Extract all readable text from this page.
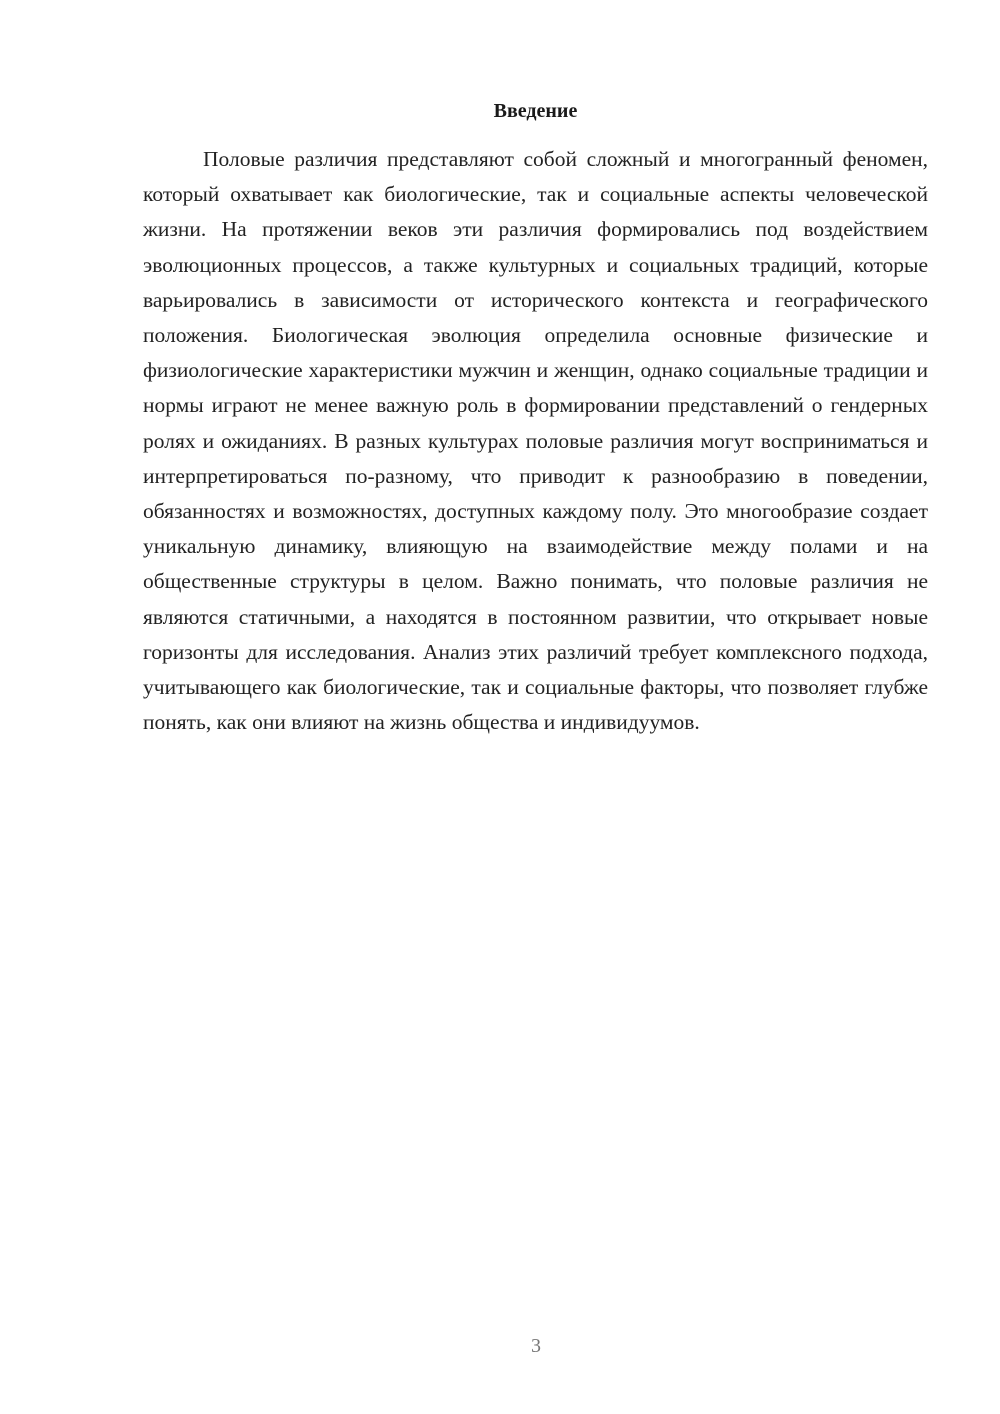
Введение

Половые различия представляют собой сложный и многогранный феномен, который охватывает как биологические, так и социальные аспекты человеческой жизни. На протяжении веков эти различия формировались под воздействием эволюционных процессов, а также культурных и социальных традиций, которые варьировались в зависимости от исторического контекста и географического положения. Биологическая эволюция определила основные физические и физиологические характеристики мужчин и женщин, однако социальные традиции и нормы играют не менее важную роль в формировании представлений о гендерных ролях и ожиданиях. В разных культурах половые различия могут восприниматься и интерпретироваться по-разному, что приводит к разнообразию в поведении, обязанностях и возможностях, доступных каждому полу. Это многообразие создает уникальную динамику, влияющую на взаимодействие между полами и на общественные структуры в целом. Важно понимать, что половые различия не являются статичными, а находятся в постоянном развитии, что открывает новые горизонты для исследования. Анализ этих различий требует комплексного подхода, учитывающего как биологические, так и социальные факторы, что позволяет глубже понять, как они влияют на жизнь общества и индивидуумов.

3
